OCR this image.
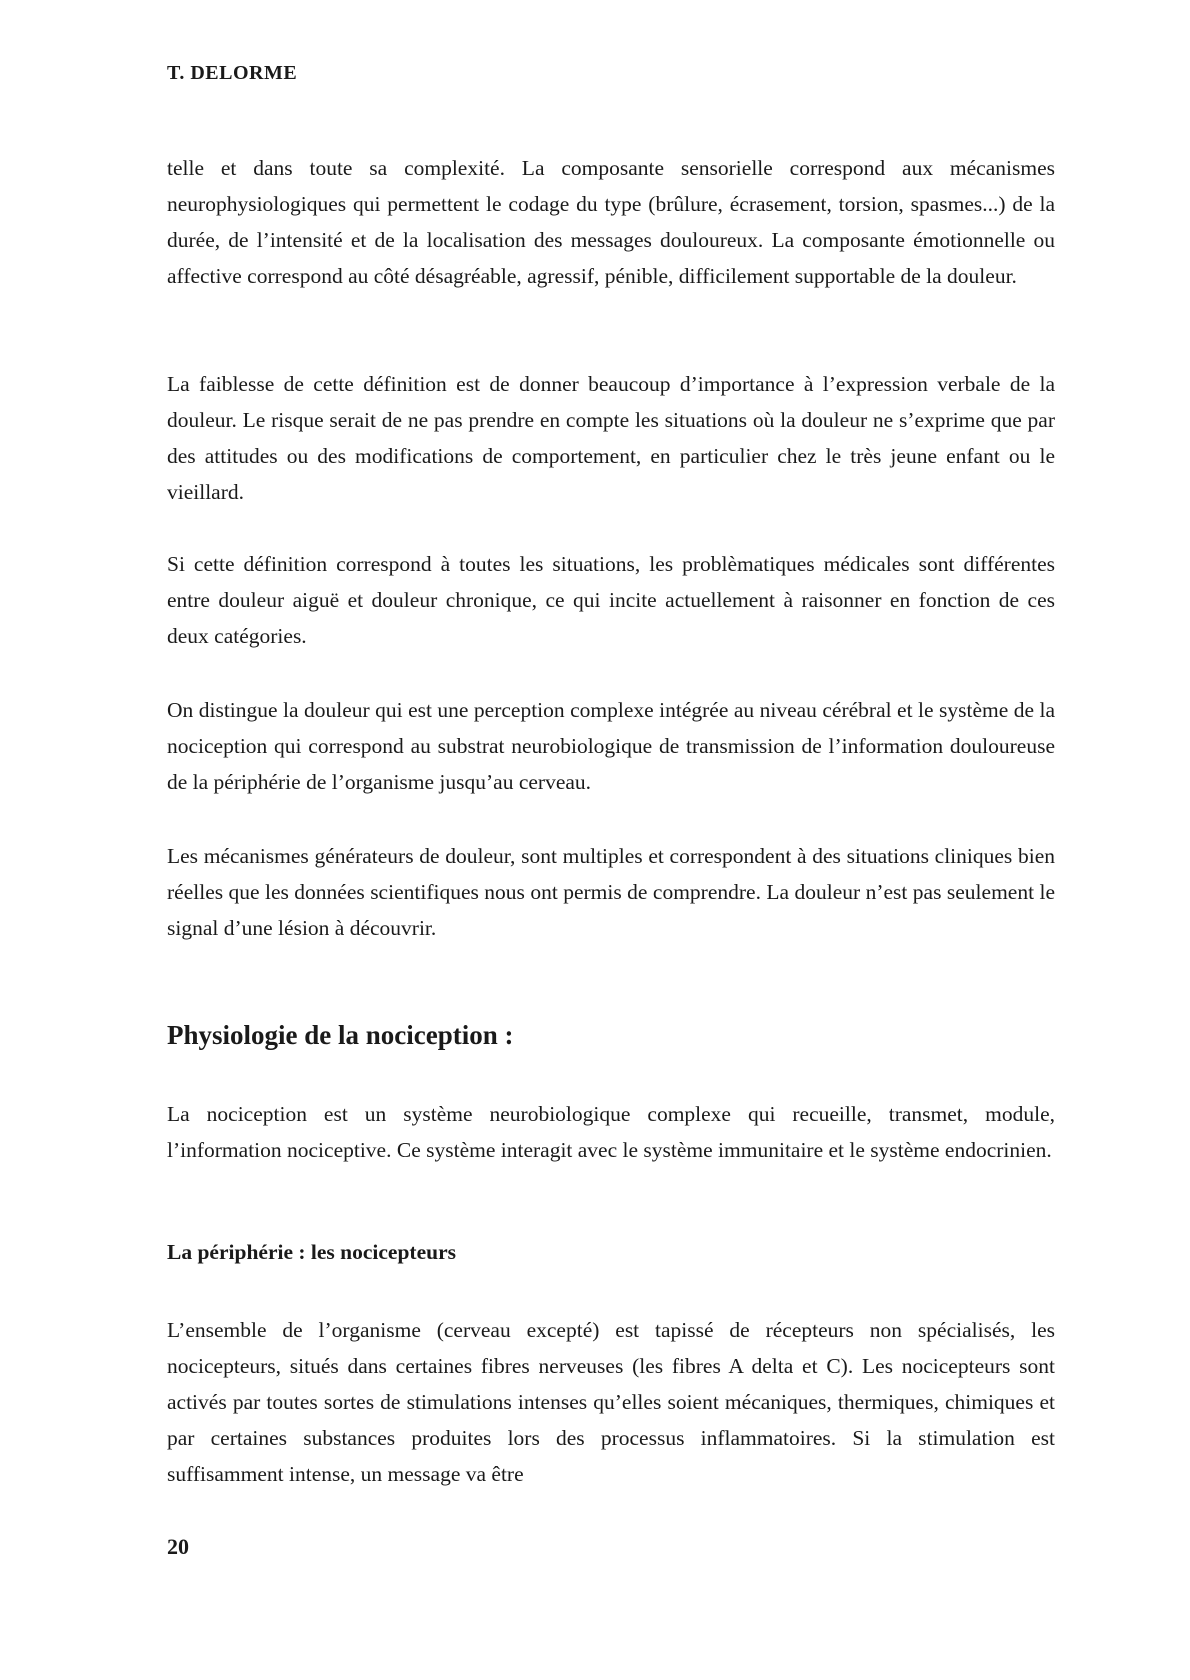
T. DELORME

telle et dans toute sa complexité. La composante sensorielle correspond aux mécanismes neurophysiologiques qui permettent le codage du type (brûlure, écrasement, torsion, spasmes...) de la durée, de l’intensité et de la localisation des messages douloureux. La composante émotionnelle ou affective correspond au côté désagréable, agressif, pénible, difficilement supportable de la douleur.

La faiblesse de cette définition est de donner beaucoup d’importance à l’expression verbale de la douleur. Le risque serait de ne pas prendre en compte les situations où la douleur ne s’exprime que par des attitudes ou des modifications de comportement, en particulier chez le très jeune enfant ou le vieillard.

Si cette définition correspond à toutes les situations, les problèmatiques médicales sont différentes entre douleur aiguë et douleur chronique, ce qui incite actuellement à raisonner en fonction de ces deux catégories.

On distingue la douleur qui est une perception complexe intégrée au niveau cérébral et le système de la nociception qui correspond au substrat neurobiologique de transmission de l’information douloureuse de la périphérie de l’organisme jusqu’au cerveau.

Les mécanismes générateurs de douleur, sont multiples et correspondent à des situations cliniques bien réelles que les données scientifiques nous ont permis de comprendre. La douleur n’est pas seulement le signal d’une lésion à découvrir.

Physiologie de la nociception :

La nociception est un système neurobiologique complexe qui recueille, transmet, module, l’information nociceptive. Ce système interagit avec le système immunitaire et le système endocrinien.

La périphérie : les nocicepteurs

L’ensemble de l’organisme (cerveau excepté) est tapissé de récepteurs non spécialisés, les nocicepteurs, situés dans certaines fibres nerveuses (les fibres A delta et C). Les nocicepteurs sont activés par toutes sortes de stimulations intenses qu’elles soient mécaniques, thermiques, chimiques et par certaines substances produites lors des processus inflammatoires. Si la stimulation est suffisamment intense, un message va être

20
